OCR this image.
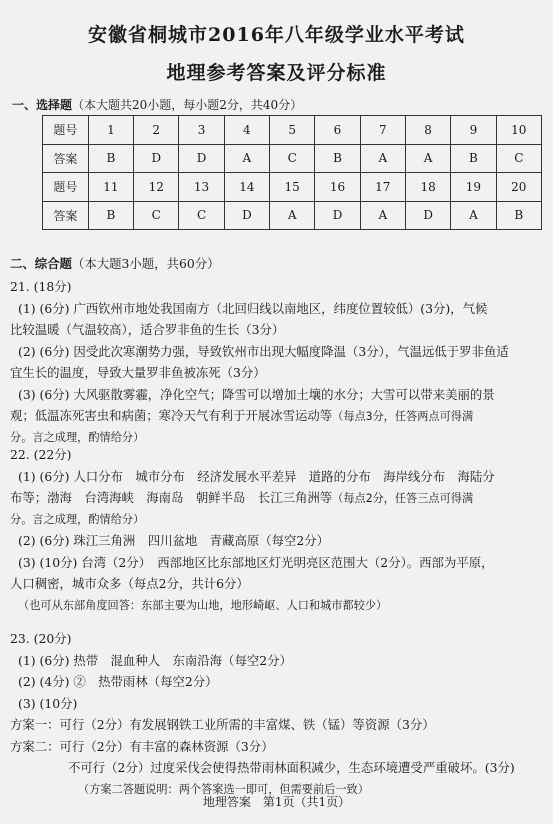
安徽省桐城市2016年八年级学业水平考试
地理参考答案及评分标准
一、选择题（本大题共20小题，每小题2分，共40分）
题号	1	2	3	4	5	6	7	8	9	10
答案	B	D	D	A	C	B	A	A	B	C
题号	11	12	13	14	15	16	17	18	19	20
答案	B	C	C	D	A	D	A	D	A	B
二、综合题（本大题3小题，共60分）
21. (18分)
(1) (6分) 广西钦州市地处我国南方（北回归线以南地区，纬度位置较低）(3分)，气候
比较温暖（气温较高），适合罗非鱼的生长（3分）
(2) (6分) 因受此次寒潮势力强，导致钦州市出现大幅度降温（3分），气温远低于罗非鱼适
宜生长的温度，导致大量罗非鱼被冻死（3分）
(3) (6分) 大风驱散雾霾，净化空气；降雪可以增加土壤的水分；大雪可以带来美丽的景
观；低温冻死害虫和病菌；寒冷天气有利于开展冰雪运动等（每点3分，任答两点可得满
分。言之成理，酌情给分）
22. (22分)
(1) (6分) 人口分布　城市分布　经济发展水平差异　道路的分布　海岸线分布　海陆分
布等；渤海　台湾海峡　海南岛　朝鲜半岛　长江三角洲等（每点2分，任答三点可得满
分。言之成理，酌情给分）
(2) (6分) 珠江三角洲　四川盆地　青藏高原（每空2分）
(3) (10分) 台湾（2分）　西部地区比东部地区灯光明亮区范围大（2分）。西部为平原，
人口稠密，城市众多（每点2分，共计6分）
（也可从东部角度回答：东部主要为山地，地形崎岖、人口和城市都较少）
23. (20分)
(1) (6分) 热带　混血种人　东南沿海（每空2分）
(2) (4分) ②　热带雨林（每空2分）
(3) (10分)
方案一：可行（2分）有发展钢铁工业所需的丰富煤、铁（锰）等资源（3分）
方案二：可行（2分）有丰富的森林资源（3分）
不可行（2分）过度采伐会使得热带雨林面积减少，生态环境遭受严重破坏。(3分)
（方案二答题说明：两个答案选一即可，但需要前后一致）
地理答案　第1页（共1页）
